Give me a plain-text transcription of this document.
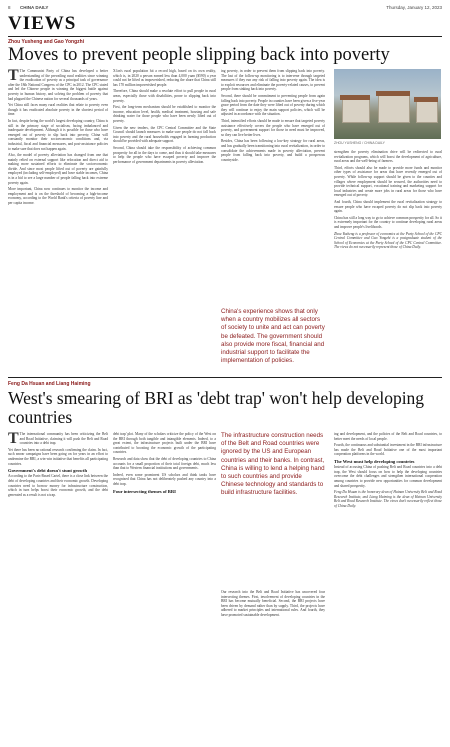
8 CHINA DAILY	Thursday, January 12, 2023
VIEWS
Zhou Yusheng and Gao Yongzhi
Moves to prevent people slipping back into poverty

T The Communist Party of China has developed a better understanding of the prevailing rural realities since winning the eradication of poverty as a principal task of governance after the 18th National Congress of the CPC in 2012. The CPC stated and led the Chinese people in winning the biggest battle against poverty in human history, and solving the problem of poverty that had plagued the Chinese nation for several thousands of years.

Yet China still faces many rural realities that relate to poverty even though it has eradicated absolute poverty in the shortest period of time.

In fact, despite being the world's largest developing country, China is still in the primary stage of socialism, facing imbalanced and inadequate development. Although it is possible for those who have emerged out of poverty to slip back into poverty, China will constantly monitor their socioeconomic conditions and, via industrial, fiscal and financial measures, and post-assistance policies to make sure that does not happen again.

Also, the model of poverty alleviation has changed from one that mainly relied on external support like relocation and direct aid to making more sustained efforts to eliminate the socioeconomic divide. And since most people lifted out of poverty are gainfully employed (including self-employed) and have stable incomes, China is in a bid to see a large number of people falling back into extreme poverty again.

More important, China now continues to monitor the income and employment and is on the threshold of becoming a high-income economy, according to the World Bank's criteria of poverty line and per capita income.

Xi'an's rural population hit a record high, based on its own reality, which is, in 2020 a person earned less than 4,000 yuan ($590) a year could not be lifted as impoverished, reducing the share that China still has 170 million impoverished people.

Therefore, China should make a resolute effort to pull people in rural areas, especially those with disabilities, prone to slipping back into poverty.

First, the long-term mechanism should be established to monitor the income, education level, health, medical treatment, housing and safe drinking water for those people who have been newly lifted out of poverty.

Given the new tenders, the CPC Central Committee and the State Council should launch measures to make sure people do not fall back into poverty and the rural households engaged in farming production should be provided with adequate support.

Second, China should take the responsibility of achieving common prosperity for all in the days to come, and thus it should take measures to help the people who have escaped poverty and improve the performance of government departments in poverty alleviation.

China's experience shows that only when a country mobilizes all sectors of society to unite and act can poverty be defeated. The government should also provide more fiscal, financial and industrial support to facilitate the implementation of policies.

ing poverty, in order to prevent them from slipping back into poverty. The last of the follow-up monitoring is to intervene through targeted measures if they run any risk of falling into poverty again. The idea is to exploit resources and eliminate the poverty-related causes, to prevent people from sinking back into poverty.

Second, there should be commitment to preventing people from again falling back into poverty. People in counties have been given a five-year grace period from the date they were lifted out of poverty during which they will continue to enjoy the main support policies, which will be adjusted in accordance with the situation.

Third, intensified efforts should be made to ensure that targeted poverty assistance effectively covers the people who have emerged out of poverty, and government support for those in need must be improved, so they can live better lives.

Besides, China has been following a low-key strategy for rural areas, and has gradually been transitioning into rural revitalization, in order to consolidate the achievements made in poverty alleviation, prevent people from falling back into poverty, and build a prosperous countryside.

ZHOU YUSHENG / CHINA DAILY

strengthen the poverty elimination drive will be redirected to rural revitalization programs, which will boost the development of agriculture, rural areas and the well-being of farmers.

Third, efforts should also be made to provide more funds and monitor other types of assistance for areas that have recently emerged out of poverty. While follow-up support should be given to the counties and villages where employment should be secured, the authorities need to provide technical support, vocational training and marketing support for local industries and create more jobs in rural areas for those who have emerged out of poverty.

And fourth, China should implement the rural revitalization strategy to ensure people who have escaped poverty do not slip back into poverty again.

China has still a long way to go to achieve common prosperity for all. So it is extremely important for the country to continue developing rural areas and improve people's livelihoods.

Zhou Yusheng is a professor of economics at the Party School of the CPC Central Committee and Gao Yongzhi is a postgraduate student of the School of Economics at the Party School of the CPC Central Committee. The views do not necessarily represent those of China Daily.

Feng Da Hsuan and Liang Haiming
West's smearing of BRI as 'debt trap' won't help developing countries

T The international community has been criticizing the Belt and Road Initiative, claiming it will push the Belt and Road countries into a debt trap.

Yet there has been no rational research confirming the claim. In fact, such smear campaigns have been going on for years in an effort to undermine the BRI, a win-win initiative that benefits all participating countries.

Government's debt doesn't stunt growth

According to the Paris-Based Cartel, there is a close link between the debt of developing countries and their economic growth. Developing countries need to borrow money for infrastructure construction, which in turn helps boost their economic growth, and the debt generated as a result is not a trap.

debt trap' plot. Many of the scholars criticize the policy of the West on the BRI through both tangible and intangible elements. Indeed, to a great extent, the infrastructure projects built under the BRI have contributed to boosting the economic growth of the participating countries.

Research and data show that the debt of developing countries to China accounts for a small proportion of their total foreign debt, much less than that to Western financial institutions and governments.

Indeed, even some prominent US scholars and think tanks have recognized that China has not deliberately pushed any country into a debt trap.

Four intersecting themes of BRI
The infrastructure construction needs of the Belt and Road countries were ignored by the US and European countries and their banks. In contrast, China is willing to lend a helping hand to such countries and provide Chinese technology and standards to build infrastructure facilities.

Our research into the Belt and Road Initiative has uncovered four intersecting themes. First, involvement of developing countries in the BRI has become mutually beneficial. Second, the BRI projects have been driven by demand rather than by supply. Third, the projects have adhered to market principles and international rules. And fourth, they have promoted sustainable development.

ing and development, and the policies of the Belt and Road countries, to better meet the needs of local people.

Fourth, the continuous and substantial investment in the BRI infrastructure has made the Belt and Road Initiative one of the most important cooperation platforms in the world.

The West must help developing countries

Instead of accusing China of pushing Belt and Road countries into a debt trap, the West should focus on how to help the developing countries overcome the debt challenges and strengthen international cooperation among countries to provide new opportunities for common development and shared prosperity.

Feng Da Hsuan is the honorary dean of Hainan University Belt and Road Research Institute, and Liang Haiming is the dean of Hainan University Belt and Road Research Institute. The views don't necessarily reflect those of China Daily.
